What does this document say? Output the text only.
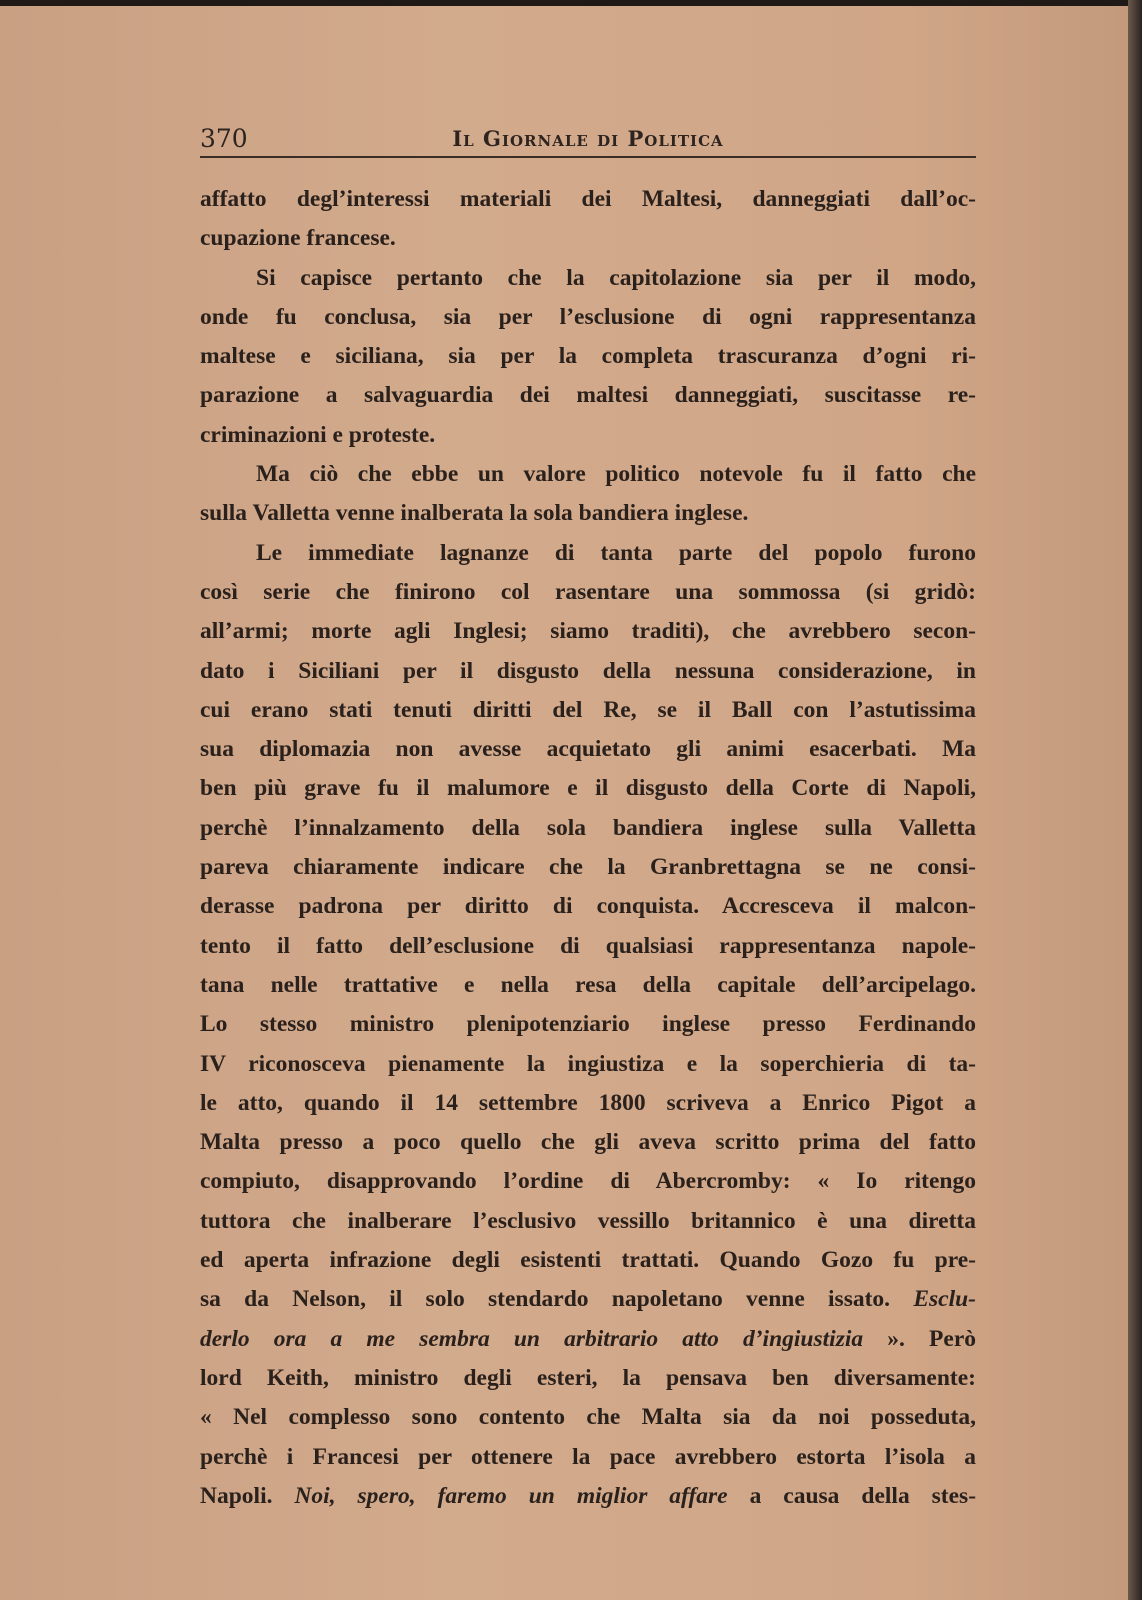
370	Il Giornale di Politica
affatto degl’interessi materiali dei Maltesi, danneggiati dall’oc-
cupazione francese.
Si capisce pertanto che la capitolazione sia per il modo,
onde fu conclusa, sia per l’esclusione di ogni rappresentanza
maltese e siciliana, sia per la completa trascuranza d’ogni ri-
parazione a salvaguardia dei maltesi danneggiati, suscitasse re-
criminazioni e proteste.
Ma ciò che ebbe un valore politico notevole fu il fatto che
sulla Valletta venne inalberata la sola bandiera inglese.
Le immediate lagnanze di tanta parte del popolo furono
così serie che finirono col rasentare una sommossa (si gridò:
all’armi; morte agli Inglesi; siamo traditi), che avrebbero secon-
dato i Siciliani per il disgusto della nessuna considerazione, in
cui erano stati tenuti diritti del Re, se il Ball con l’astutissima
sua diplomazia non avesse acquietato gli animi esacerbati. Ma
ben più grave fu il malumore e il disgusto della Corte di Napoli,
perchè l’innalzamento della sola bandiera inglese sulla Valletta
pareva chiaramente indicare che la Granbrettagna se ne consi-
derasse padrona per diritto di conquista. Accresceva il malcon-
tento il fatto dell’esclusione di qualsiasi rappresentanza napole-
tana nelle trattative e nella resa della capitale dell’arcipelago.
Lo stesso ministro plenipotenziario inglese presso Ferdinando
IV riconosceva pienamente la ingiustiza e la soperchieria di ta-
le atto, quando il 14 settembre 1800 scriveva a Enrico Pigot a
Malta presso a poco quello che gli aveva scritto prima del fatto
compiuto, disapprovando l’ordine di Abercromby: « Io ritengo
tuttora che inalberare l’esclusivo vessillo britannico è una diretta
ed aperta infrazione degli esistenti trattati. Quando Gozo fu pre-
sa da Nelson, il solo stendardo napoletano venne issato. Esclu-
derlo ora a me sembra un arbitrario atto d’ingiustizia ». Però
lord Keith, ministro degli esteri, la pensava ben diversamente:
« Nel complesso sono contento che Malta sia da noi posseduta,
perchè i Francesi per ottenere la pace avrebbero estorta l’isola a
Napoli. Noi, spero, faremo un miglior affare a causa della stes-
